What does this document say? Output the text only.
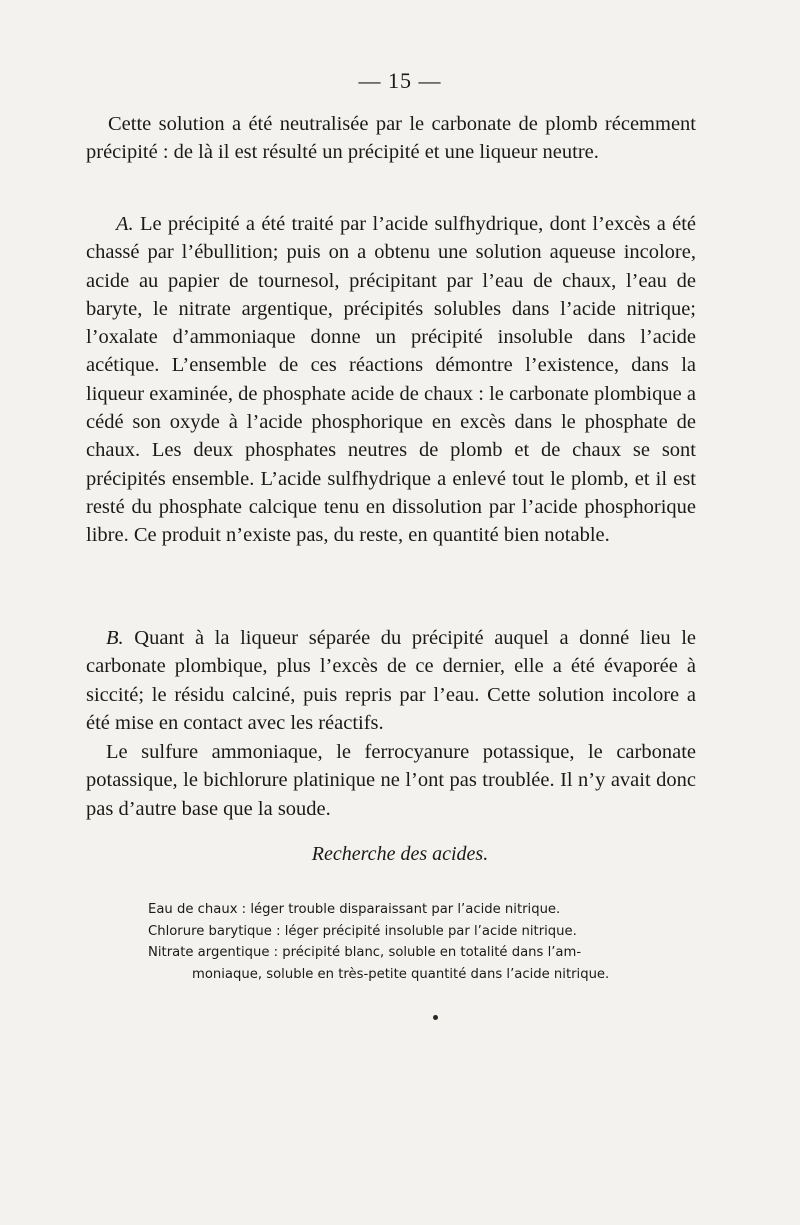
— 15 —

Cette solution a été neutralisée par le carbonate de plomb récemment précipité : de là il est résulté un précipité et une liqueur neutre.

A. Le précipité a été traité par l’acide sulfhydrique, dont l’excès a été chassé par l’ébullition; puis on a obtenu une solution aqueuse incolore, acide au papier de tournesol, précipitant par l’eau de chaux, l’eau de baryte, le nitrate argentique, précipités solubles dans l’acide nitrique; l’oxalate d’ammoniaque donne un précipité insoluble dans l’acide acétique. L’ensemble de ces réactions démontre l’existence, dans la liqueur examinée, de phosphate acide de chaux : le carbonate plombique a cédé son oxyde à l’acide phosphorique en excès dans le phosphate de chaux. Les deux phosphates neutres de plomb et de chaux se sont précipités ensemble. L’acide sulfhydrique a enlevé tout le plomb, et il est resté du phosphate calcique tenu en dissolution par l’acide phosphorique libre. Ce produit n’existe pas, du reste, en quantité bien notable.

B. Quant à la liqueur séparée du précipité auquel a donné lieu le carbonate plombique, plus l’excès de ce dernier, elle a été évaporée à siccité; le résidu calciné, puis repris par l’eau. Cette solution incolore a été mise en contact avec les réactifs.

Le sulfure ammoniaque, le ferrocyanure potassique, le carbonate potassique, le bichlorure platinique ne l’ont pas troublée. Il n’y avait donc pas d’autre base que la soude.

Recherche des acides.
Eau de chaux : léger trouble disparaissant par l’acide nitrique.
Chlorure barytique : léger précipité insoluble par l’acide nitrique.
Nitrate argentique : précipité blanc, soluble en totalité dans l’am-
moniaque, soluble en très-petite quantité dans l’acide nitrique.
